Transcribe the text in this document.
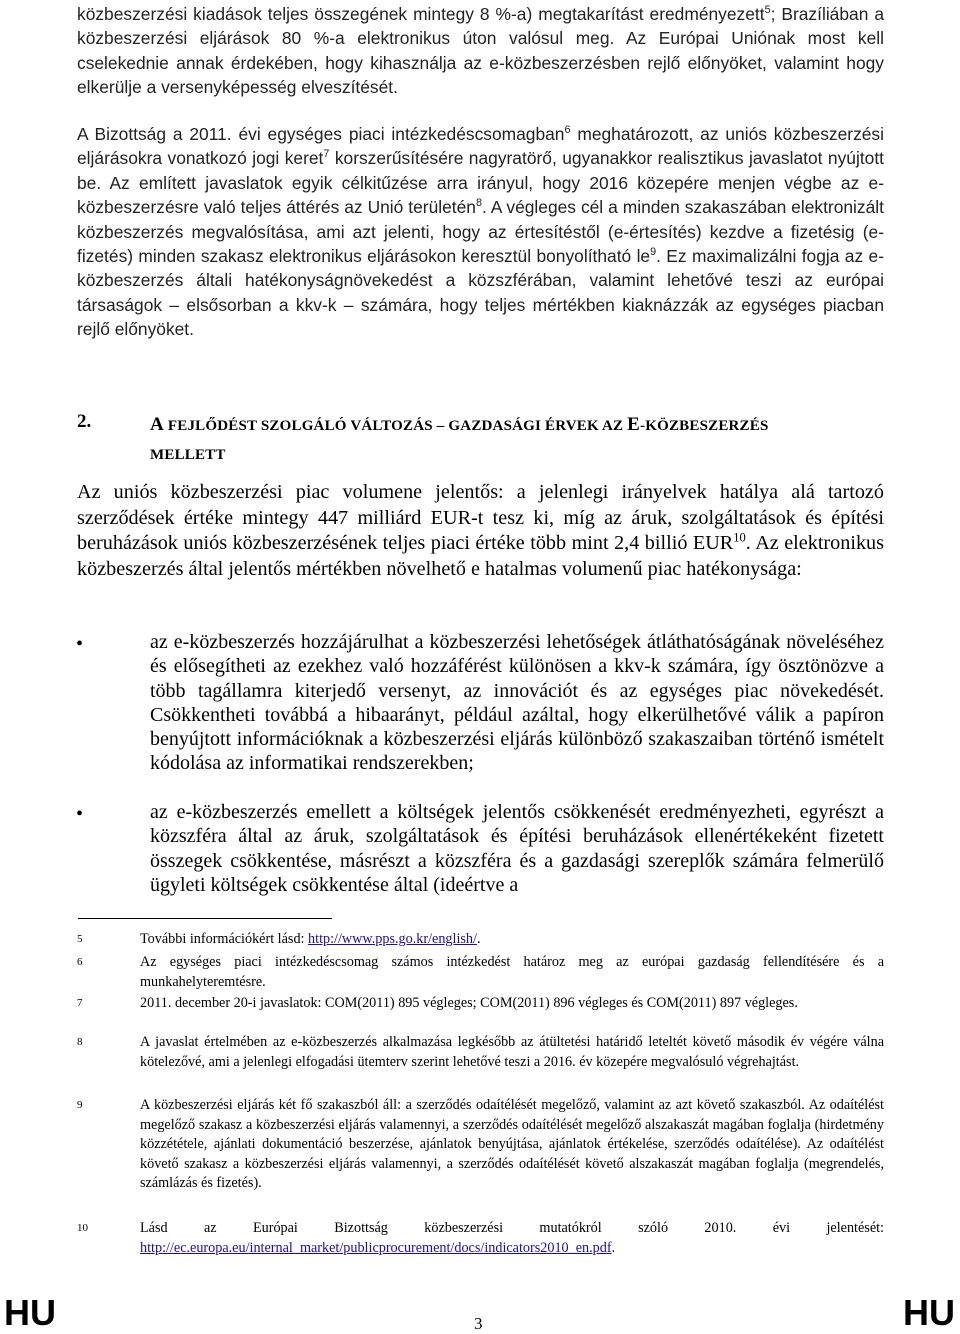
közbeszerzési kiadások teljes összegének mintegy 8 %-a) megtakarítást eredményezett$^5$; Brazíliában a közbeszerzési eljárások 80 %-a elektronikus úton valósul meg. Az Európai Uniónak most kell cselekednie annak érdekében, hogy kihasználja az e-közbeszerzésben rejlő előnyöket, valamint hogy elkerülje a versenyképesség elveszítését.

A Bizottság a 2011. évi egységes piaci intézkedéscsomagban$^6$ meghatározott, az uniós közbeszerzési eljárásokra vonatkozó jogi keret$^7$ korszerűsítésére nagyratörő, ugyanakkor realisztikus javaslatot nyújtott be. Az említett javaslatok egyik célkitűzése arra irányul, hogy 2016 közepére menjen végbe az e-közbeszerzésre való teljes áttérés az Unió területén$^8$. A végleges cél a minden szakaszában elektronizált közbeszerzés megvalósítása, ami azt jelenti, hogy az értesítéstől (e-értesítés) kezdve a fizetésig (e-fizetés) minden szakasz elektronikus eljárásokon keresztül bonyolítható $le^9$. Ez maximalizálni fogja az e-közbeszerzés általi hatékonyságnövekedést a közszférában, valamint lehetővé teszi az európai társaságok – elsősorban a kkv-k – számára, hogy teljes mértékben kiaknázzák az egységes piacban rejlő előnyöket.

2.	A FEJLŐDÉST SZOLGÁLÓ VÁLTOZÁS – GAZDASÁGI ÉRVEK AZ E-KÖZBESZERZÉS
MELLETT

Az uniós közbeszerzési piac volumene jelentős: a jelenlegi irányelvek hatálya alá tartozó szerződések értéke mintegy 447 milliárd EUR-t tesz ki, míg az áruk, szolgáltatások és építési beruházások uniós közbeszerzésének teljes piaci értéke több mint 2,4 billió EUR$^{10}$. Az elektronikus közbeszerzés által jelentős mértékben növelhető e hatalmas volumenű piac hatékonysága:

•	az e-közbeszerzés hozzájárulhat a közbeszerzési lehetőségek átláthatóságának növeléséhez és elősegítheti az ezekhez való hozzáférést különösen a kkv-k számára, így ösztönözve a több tagállamra kiterjedő versenyt, az innovációt és az egységes piac növekedését. Csökkentheti továbbá a hibaarányt, például azáltal, hogy elkerülhetővé válik a papíron benyújtott információknak a közbeszerzési eljárás különböző szakaszaiban történő ismételt kódolása az informatikai rendszerekben;
•	az e-közbeszerzés emellett a költségek jelentős csökkenését eredményezheti, egyrészt a közszféra által az áruk, szolgáltatások és építési beruházások ellenértékeként fizetett összegek csökkentése, másrészt a közszféra és a gazdasági szereplők számára felmerülő ügyleti költségek csökkentése által (ideértve a
5	További információkért lásd: http://www.pps.go.kr/english/.
6	Az egységes piaci intézkedéscsomag számos intézkedést határoz meg az európai gazdaság fellendítésére és a munkahelyteremtésre.
7	2011. december 20-i javaslatok: COM(2011) 895 végleges; COM(2011) 896 végleges és COM(2011) 897 végleges.
8	A javaslat értelmében az e-közbeszerzés alkalmazása legkésőbb az átültetési határidő leteltét követő második év végére válna kötelezővé, ami a jelenlegi elfogadási ütemterv szerint lehetővé teszi a 2016. év közepére megvalósuló végrehajtást.
9	A közbeszerzési eljárás két fő szakaszból áll: a szerződés odaítélését megelőző, valamint az azt követő szakaszból. Az odaítélést megelőző szakasz a közbeszerzési eljárás valamennyi, a szerződés odaítélését megelőző alszakaszát magában foglalja (hirdetmény közzététele, ajánlati dokumentáció beszerzése, ajánlatok benyújtása, ajánlatok értékelése, szerződés odaítélése). Az odaítélést követő szakasz a közbeszerzési eljárás valamennyi, a szerződés odaítélését követő alszakaszát magában foglalja (megrendelés, számlázás és fizetés).
10	Lásd az Európai Bizottság közbeszerzési mutatókról szóló 2010. évi jelentését: http://ec.europa.eu/internal_market/publicprocurement/docs/indicators2010_en.pdf.
HU	3	HU
